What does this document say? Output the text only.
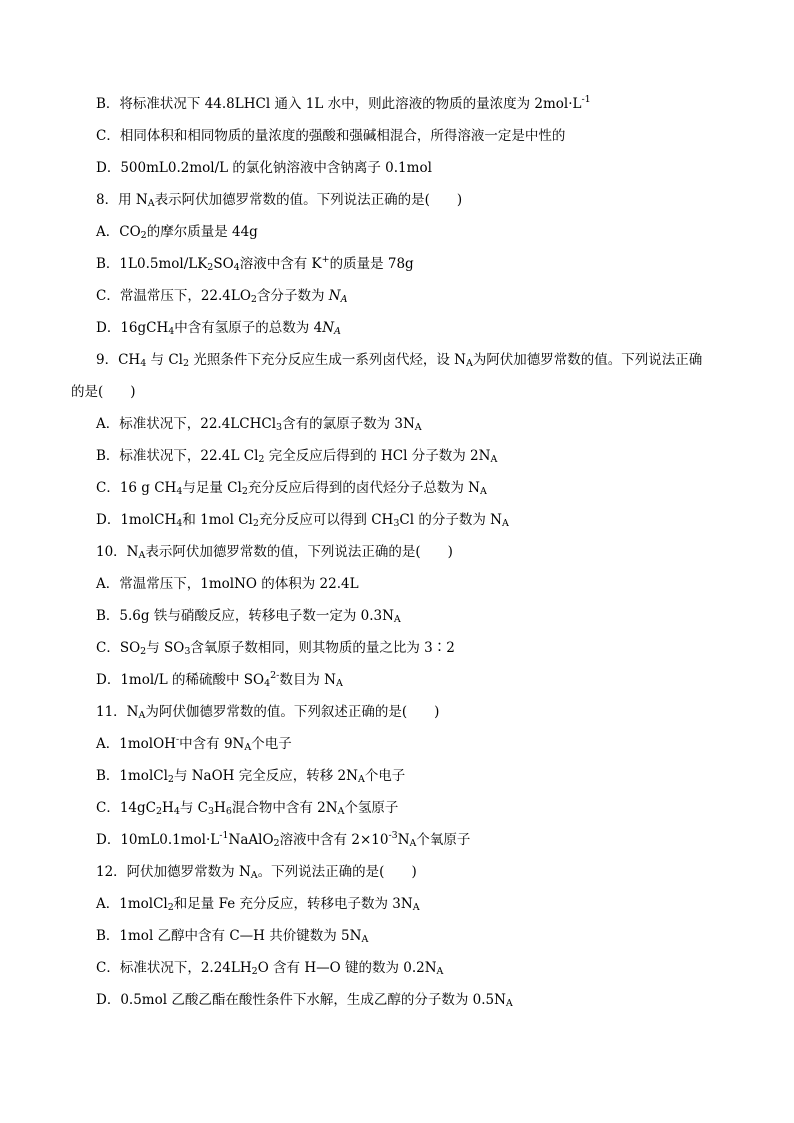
B．将标准状况下 44.8LHCl 通入 1L 水中，则此溶液的物质的量浓度为 $2mol\cdot L^{-1}$
C．相同体积和相同物质的量浓度的强酸和强碱相混合，所得溶液一定是中性的
D．500mL0.2mol/L 的氯化钠溶液中含钠离子 0.1mol
8．用 $N_A$表示阿伏加德罗常数的值。下列说法正确的是(　　)
A．$CO_2$的摩尔质量是 44g
B．$1L0.5mol/LK_2SO_4$溶液中含有 K+的质量是 78g
C．常温常压下，$22.4LO_2$含分子数为 $N_A$
D．16gCH$_4$中含有氢原子的总数为 $4N_A$
9．$CH_4$ 与 $Cl_2$ 光照条件下充分反应生成一系列卤代烃，设 $N_A$为阿伏加德罗常数的值。下列说法正确
的是(　　)
A．标准状况下，22.4LCHCl$_3$含有的氯原子数为 $3N_A$
B．标准状况下，22.4L $Cl_2$ 完全反应后得到的 HCl 分子数为 $2N_A$
C．16 g $CH_4$与足量 $Cl_2$充分反应后得到的卤代烃分子总数为 $N_A$
D．1molCH$_4$和 1mol $Cl_2$充分反应可以得到 $CH_3Cl$ 的分子数为 $N_A$
10．$N_A$表示阿伏加德罗常数的值，下列说法正确的是(　　)
A．常温常压下，1molNO 的体积为 22.4L
B．5.6g 铁与硝酸反应，转移电子数一定为 $0.3N_A$
C．$SO_2$与 $SO_3$含氧原子数相同，则其物质的量之比为 3∶2
D．1mol/L 的稀硫酸中 $SO_4^{2-}$数目为 $N_A$
11．$N_A$为阿伏伽德罗常数的值。下列叙述正确的是(　　)
A．1molOH-中含有 $9N_A$个电子
B．1molCl$_2$与 NaOH 完全反应，转移 $2N_A$个电子
C．$14gC_2H_4$与 $C_3H_6$混合物中含有 $2N_A$个氢原子
D．$10mL0.1mol\cdot L^{-1}NaAlO_2$溶液中含有 $2\times 10^{-3}N_A$个氧原子
12．阿伏加德罗常数为 $N_A$。下列说法正确的是(　　)
A．1molCl$_2$和足量 Fe 充分反应，转移电子数为 $3N_A$
B．1mol 乙醇中含有 C—H 共价键数为 $5N_A$
C．标准状况下，$2.24LH_2O$ 含有 H—O 键的数为 $0.2N_A$
D．0.5mol 乙酸乙酯在酸性条件下水解，生成乙醇的分子数为 $0.5N_A$
